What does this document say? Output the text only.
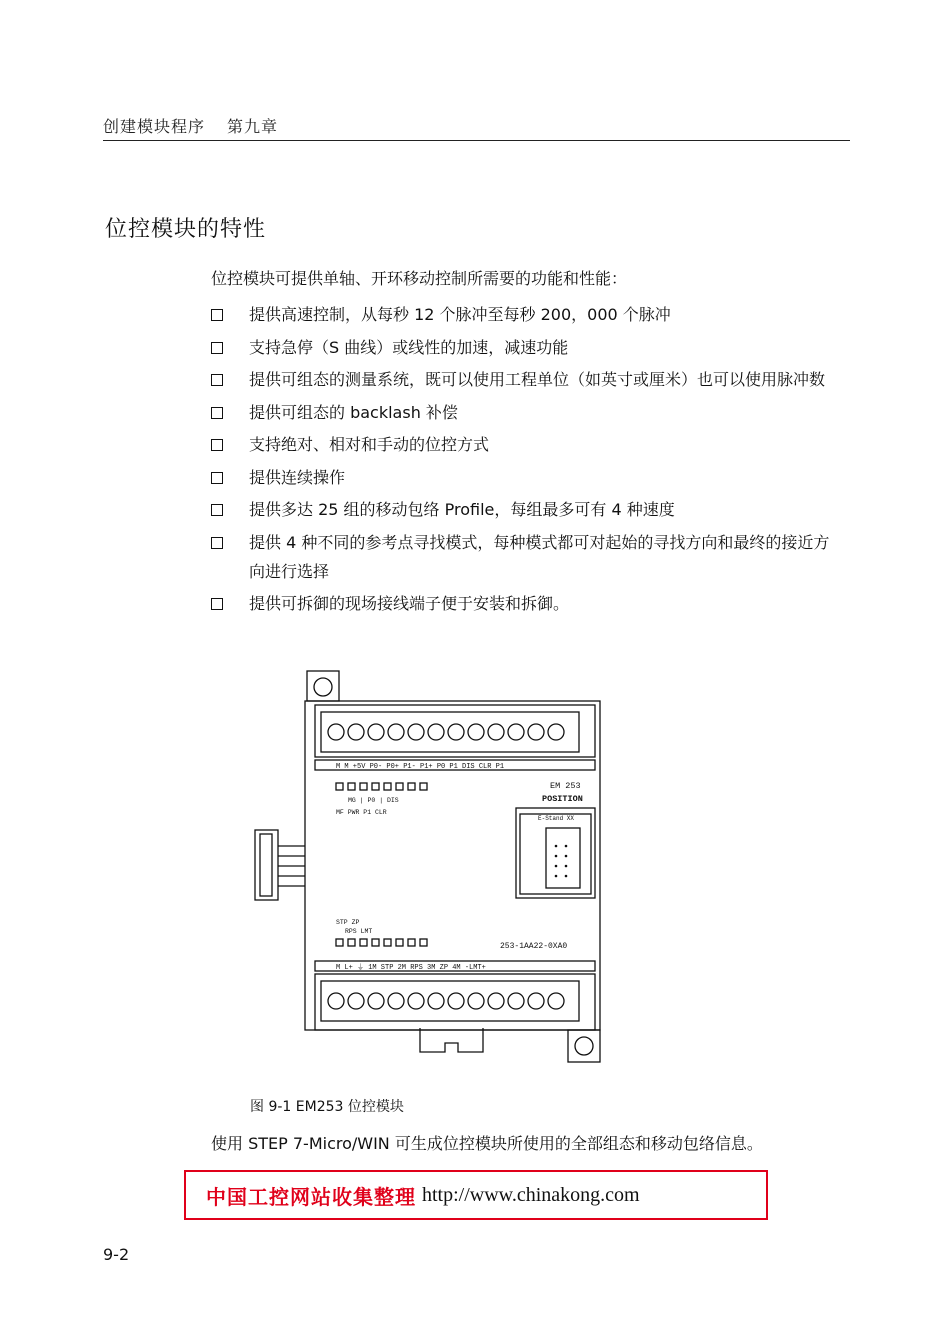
创建模块程序 第九章
位控模块的特性
位控模块可提供单轴、开环移动控制所需要的功能和性能：
提供高速控制，从每秒 12 个脉冲至每秒 200，000 个脉冲
支持急停（S 曲线）或线性的加速，减速功能
提供可组态的测量系统，既可以使用工程单位（如英寸或厘米）也可以使用脉冲数
提供可组态的 backlash 补偿
支持绝对、相对和手动的位控方式
提供连续操作
提供多达 25 组的移动包络 Profile，每组最多可有 4 种速度
提供 4 种不同的参考点寻找模式，每种模式都可对起始的寻找方向和最终的接近方向进行选择
提供可拆御的现场接线端子便于安装和拆御。
M M +5V P0- P0+ P1- P1+ P0 P1 DIS CLR P1
EM 253
POSITION
MG | P0 | DIS
MF PWR P1 CLR
E-Stand XX
STP ZP
RPS LMT
253-1AA22-0XA0
M L+ ⏚ 1M STP 2M RPS 3M ZP 4M -LMT+
图 9-1 EM253 位控模块
使用 STEP 7-Micro/WIN 可生成位控模块所使用的全部组态和移动包络信息。
中国工控网站收集整理 http://www.chinakong.com
9-2
